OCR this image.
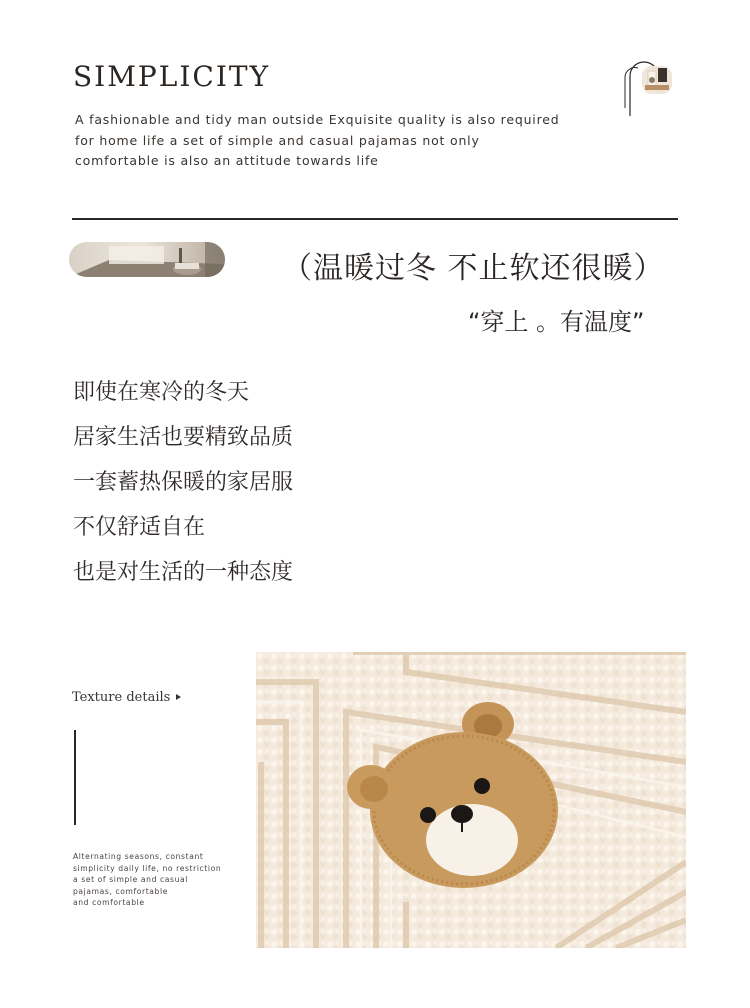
SIMPLICITY
A fashionable and tidy man outside Exquisite quality is also required
for home life a set of simple and casual pajamas not only
comfortable is also an attitude towards life
（温暖过冬 不止软还很暖）
“穿上 。有温度”
即使在寒冷的冬天
居家生活也要精致品质
一套蓄热保暖的家居服
不仅舒适自在
也是对生活的一种态度
Texture details
Alternating seasons, constant
simplicity daily life, no restriction
a set of simple and casual
pajamas, comfortable
and comfortable
